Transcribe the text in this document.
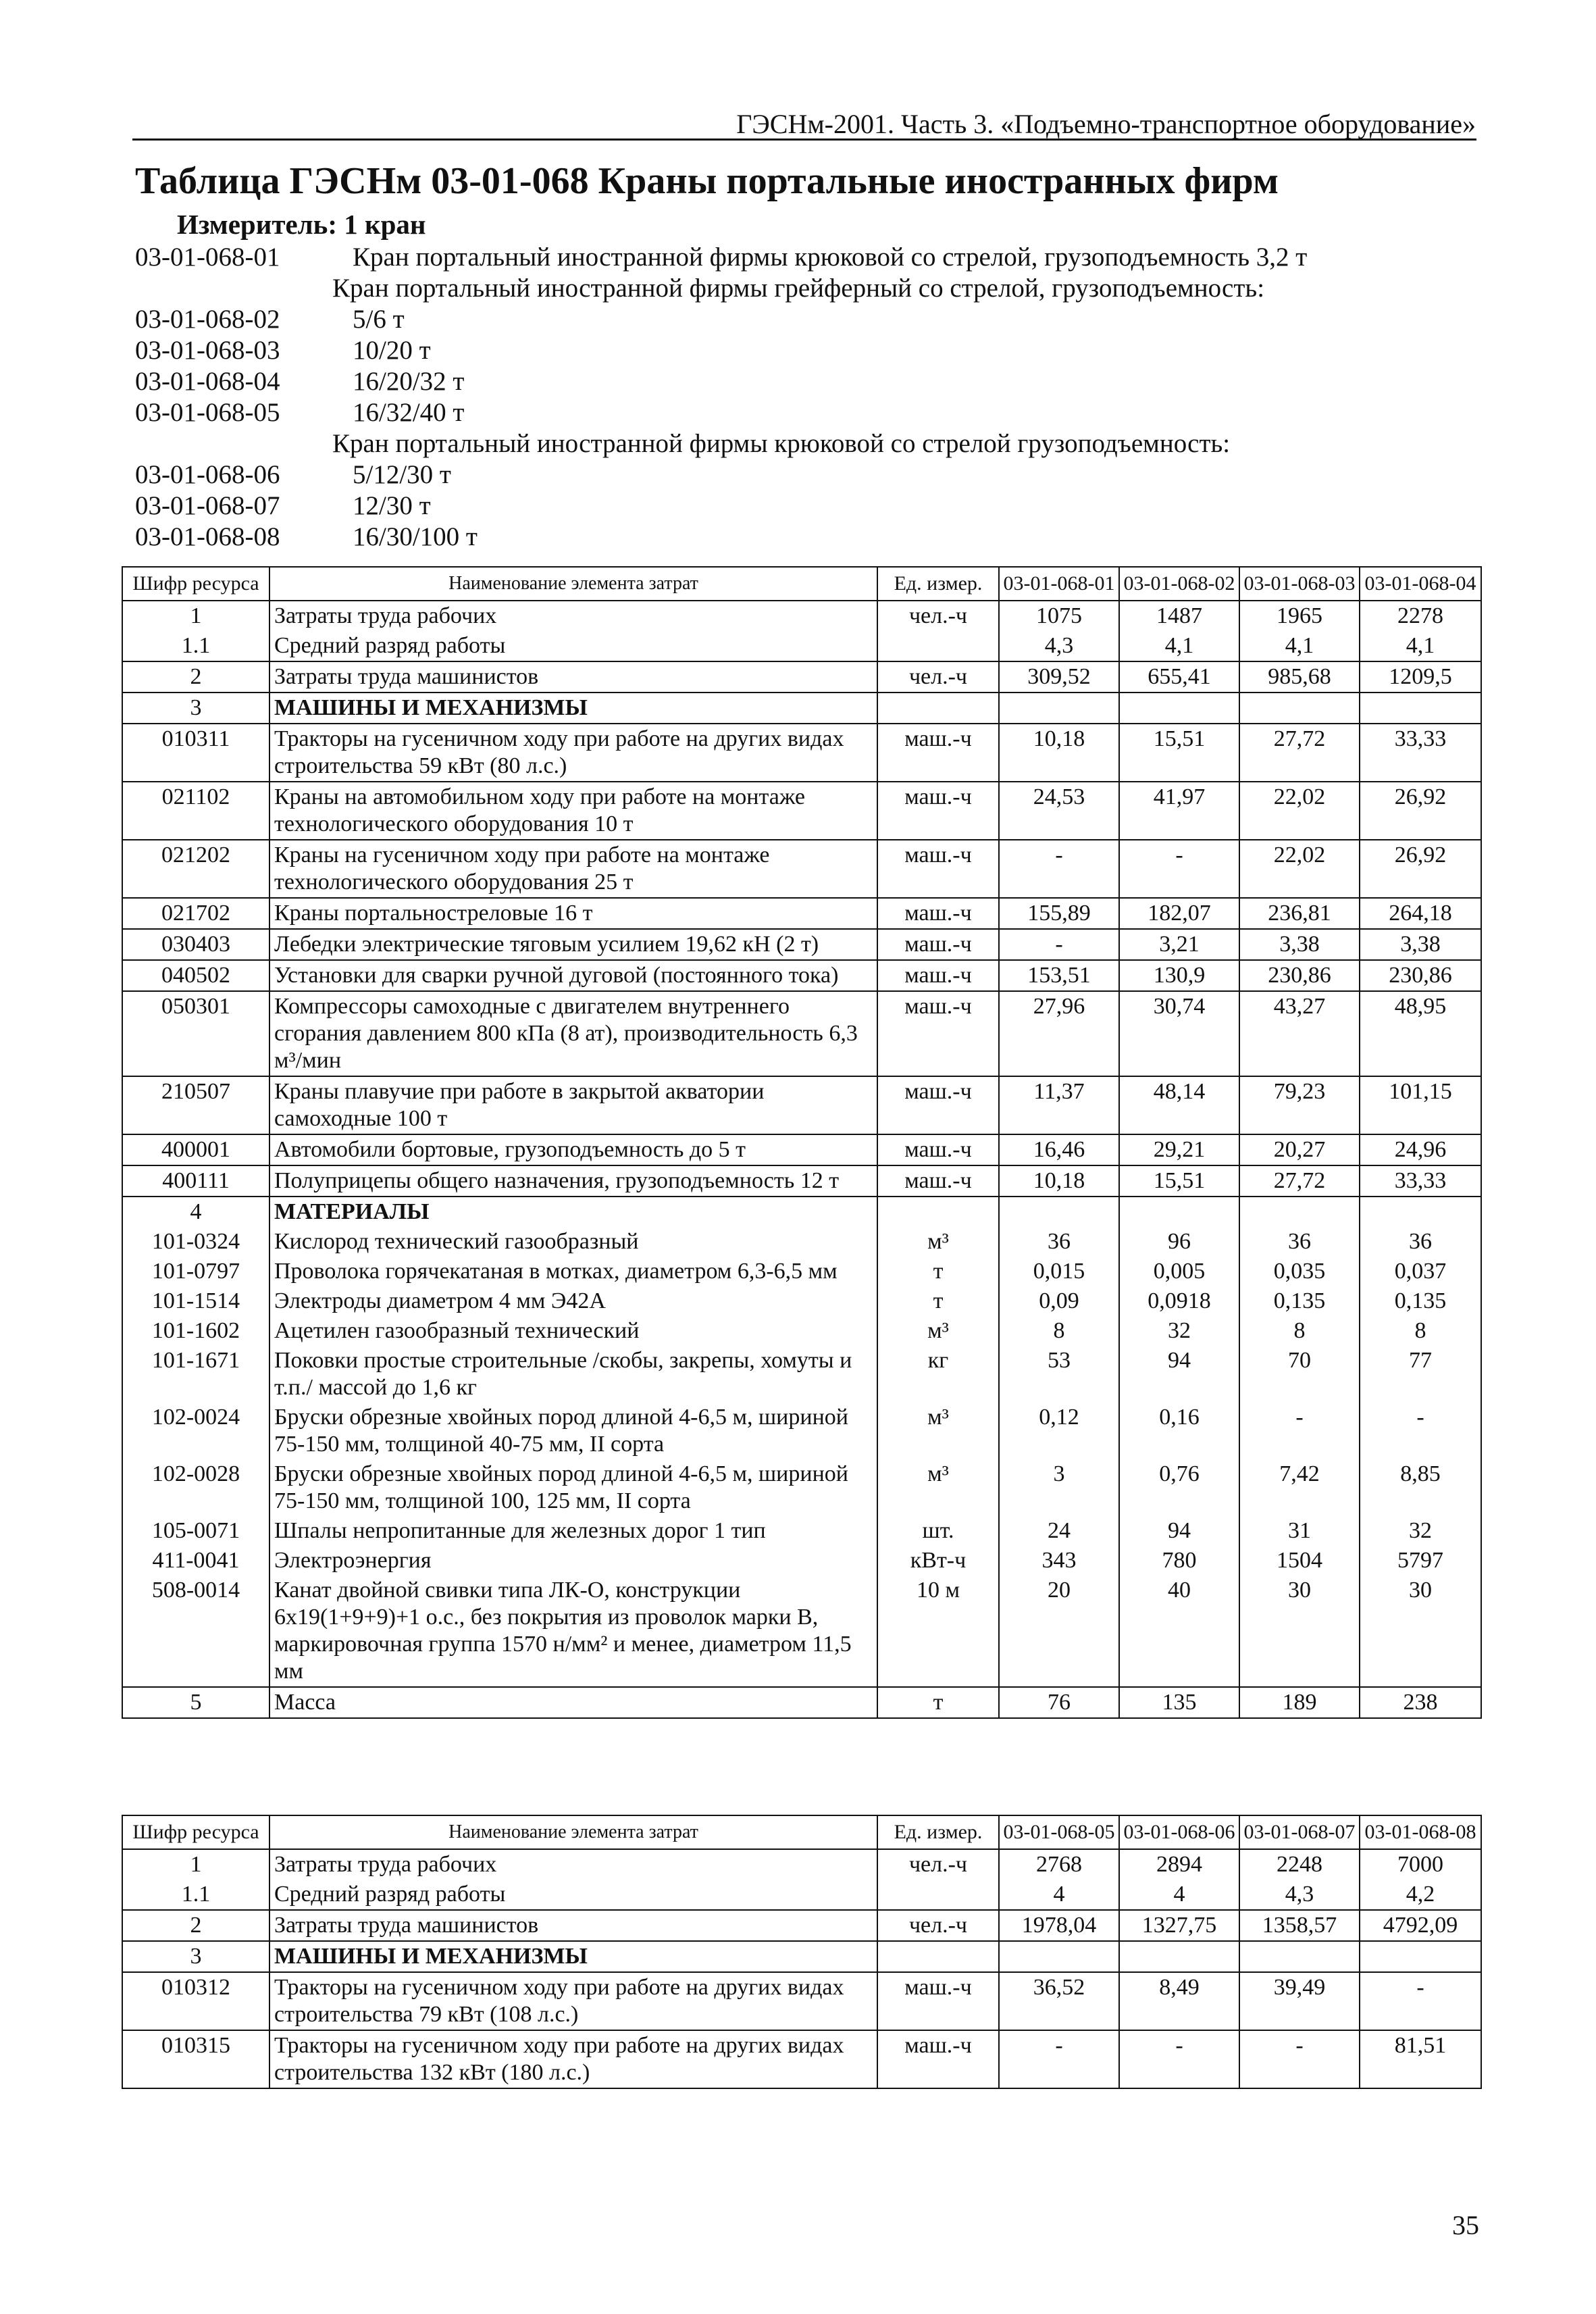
ГЭСНм-2001. Часть 3. «Подъемно-транспортное оборудование»
Таблица ГЭСНм 03-01-068 Краны портальные иностранных фирм
Измеритель: 1 кран
03-01-068-01	Кран портальный иностранной фирмы крюковой со стрелой, грузоподъемность 3,2 т
Кран портальный иностранной фирмы грейферный со стрелой, грузоподъемность:
03-01-068-02	5/6 т
03-01-068-03	10/20 т
03-01-068-04	16/20/32 т
03-01-068-05	16/32/40 т
Кран портальный иностранной фирмы крюковой со стрелой грузоподъемность:
03-01-068-06	5/12/30 т
03-01-068-07	12/30 т
03-01-068-08	16/30/100 т
Шифр ресурса	Наименование элемента затрат	Ед. измер.	03-01-068-01	03-01-068-02	03-01-068-03	03-01-068-04
1	Затраты труда рабочих	чел.-ч	1075	1487	1965	2278
1.1	Средний разряд работы		4,3	4,1	4,1	4,1
2	Затраты труда машинистов	чел.-ч	309,52	655,41	985,68	1209,5
3	МАШИНЫ И МЕХАНИЗМЫ					
010311	Тракторы на гусеничном ходу при работе на других видах строительства 59 кВт (80 л.с.)	маш.-ч	10,18	15,51	27,72	33,33
021102	Краны на автомобильном ходу при работе на монтаже технологического оборудования 10 т	маш.-ч	24,53	41,97	22,02	26,92
021202	Краны на гусеничном ходу при работе на монтаже технологического оборудования 25 т	маш.-ч	-	-	22,02	26,92
021702	Краны портальнострелoвые 16 т	маш.-ч	155,89	182,07	236,81	264,18
030403	Лебедки электрические тяговым усилием 19,62 кН (2 т)	маш.-ч	-	3,21	3,38	3,38
040502	Установки для сварки ручной дуговой (постоянного тока)	маш.-ч	153,51	130,9	230,86	230,86
050301	Компрессоры самоходные с двигателем внутреннего сгорания давлением 800 кПа (8 ат), производительность 6,3 м³/мин	маш.-ч	27,96	30,74	43,27	48,95
210507	Краны плавучие при работе в закрытой акватории самоходные 100 т	маш.-ч	11,37	48,14	79,23	101,15
400001	Автомобили бортовые, грузоподъемность до 5 т	маш.-ч	16,46	29,21	20,27	24,96
400111	Полуприцепы общего назначения, грузоподъемность 12 т	маш.-ч	10,18	15,51	27,72	33,33
4	МАТЕРИАЛЫ					
101-0324	Кислород технический газообразный	м³	36	96	36	36
101-0797	Проволока горячекатаная в мотках, диаметром 6,3-6,5 мм	т	0,015	0,005	0,035	0,037
101-1514	Электроды диаметром 4 мм Э42А	т	0,09	0,0918	0,135	0,135
101-1602	Ацетилен газообразный технический	м³	8	32	8	8
101-1671	Поковки простые строительные /скобы, закрепы, хомуты и т.п./ массой до 1,6 кг	кг	53	94	70	77
102-0024	Бруски обрезные хвойных пород длиной 4-6,5 м, шириной 75-150 мм, толщиной 40-75 мм, II сорта	м³	0,12	0,16	-	-
102-0028	Бруски обрезные хвойных пород длиной 4-6,5 м, шириной 75-150 мм, толщиной 100, 125 мм, II сорта	м³	3	0,76	7,42	8,85
105-0071	Шпалы непропитанные для железных дорог 1 тип	шт.	24	94	31	32
411-0041	Электроэнергия	кВт-ч	343	780	1504	5797
508-0014	Канат двойной свивки типа ЛК-О, конструкции 6х19(1+9+9)+1 о.с., без покрытия из проволок марки В, маркировочная группа 1570 н/мм² и менее, диаметром 11,5 мм	10 м	20	40	30	30
5	Масса	т	76	135	189	238
Шифр ресурса	Наименование элемента затрат	Ед. измер.	03-01-068-05	03-01-068-06	03-01-068-07	03-01-068-08
1	Затраты труда рабочих	чел.-ч	2768	2894	2248	7000
1.1	Средний разряд работы		4	4	4,3	4,2
2	Затраты труда машинистов	чел.-ч	1978,04	1327,75	1358,57	4792,09
3	МАШИНЫ И МЕХАНИЗМЫ					
010312	Тракторы на гусеничном ходу при работе на других видах строительства 79 кВт (108 л.с.)	маш.-ч	36,52	8,49	39,49	-
010315	Тракторы на гусеничном ходу при работе на других видах строительства 132 кВт (180 л.с.)	маш.-ч	-	-	-	81,51
35
